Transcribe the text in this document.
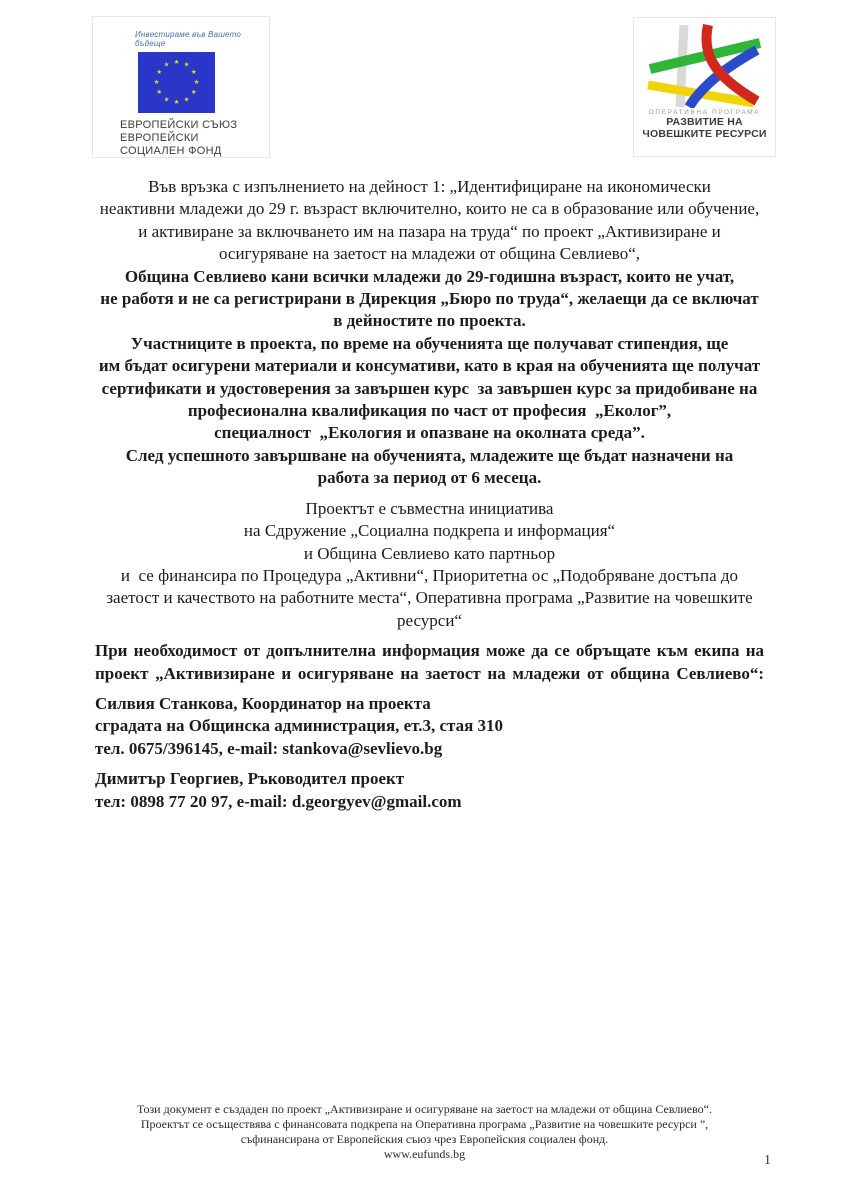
Инвестираме във Вашето бъдеще
★ ★
★
★
★
★
★
★
★
★
★
★
ЕВРОПЕЙСКИ СЪЮЗ
ЕВРОПЕЙСКИ
СОЦИАЛЕН ФОНД
ОПЕРАТИВНА ПРОГРАМА
РАЗВИТИЕ НА
ЧОВЕШКИТЕ РЕСУРСИ
Във връзка с изпълнението на дейност 1: „Идентифициране на икономически
неактивни младежи до 29 г. възраст включително, които не са в образование или обучение,
и активиране за включването им на пазара на труда“ по проект „Активизиране и
осигуряване на заетост на младежи от община Севлиево“,
Община Севлиево кани всички младежи до 29-годишна възраст, които не учат,
не работя и не са регистрирани в Дирекция „Бюро по труда“, желаещи да се включат
в дейностите по проекта.
Участниците в проекта, по време на обученията ще получават стипендия, ще
им бъдат осигурени материали и консумативи, като в края на обученията ще получат
сертификати и удостоверения за завършен курс  за завършен курс за придобиване на
професионална квалификация по част от професия  „Еколог”,
специалност  „Екология и опазване на околната среда”.
След успешното завършване на обученията, младежите ще бъдат назначени на
работа за период от 6 месеца.
Проектът е съвместна инициатива
на Сдружение „Социална подкрепа и информация“
и Община Севлиево като партньор
и  се финансира по Процедура „Активни“, Приоритетна ос „Подобряване достъпа до
заетост и качеството на работните места“, Оперативна програма „Развитие на човешките
ресурси“
При необходимост от допълнителна информация може да се обръщате към екипа на
проект „Активизиране и осигуряване на заетост на младежи от община Севлиево“:
Силвия Станкова, Координатор на проекта
сградата на Общинска администрация, ет.3, стая 310
тел. 0675/396145, e-mail: stankova@sevlievo.bg
Димитър Георгиев, Ръководител проект
тел: 0898 77 20 97, e-mail: d.georgyev@gmail.com
Този документ е създаден по проект „Активизиране и осигуряване на заетост на младежи от община Севлиево“.
Проектът се осъществява с финансовата подкрепа на Оперативна програма „Развитие на човешките ресурси ”,
съфинансирана от Европейския съюз чрез Европейския социален фонд.
www.eufunds.bg	1
